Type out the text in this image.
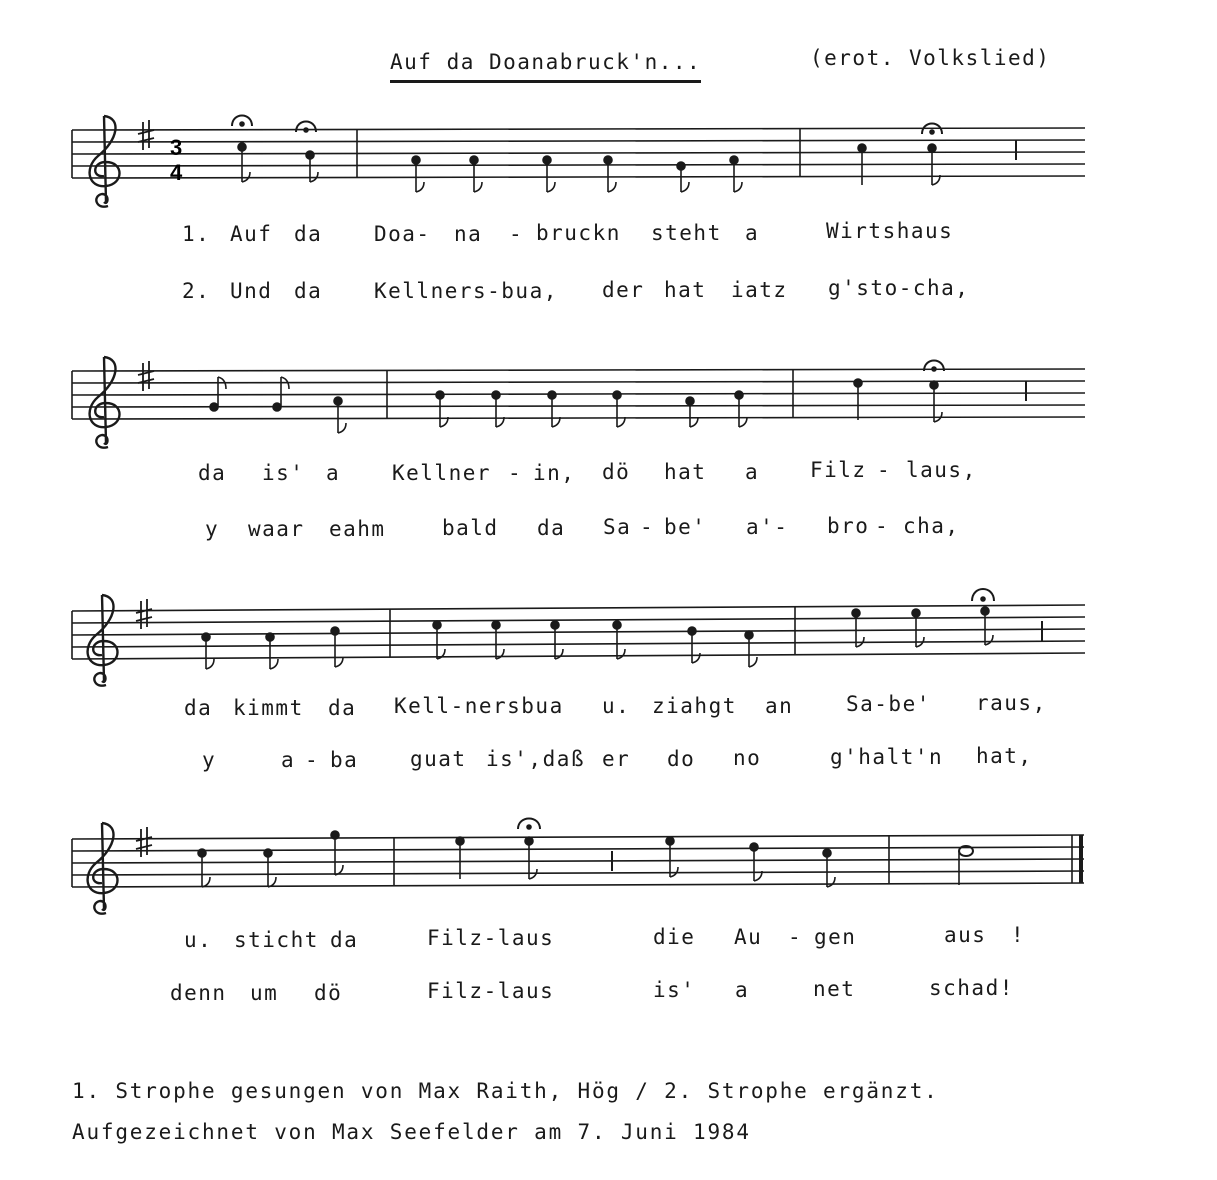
Auf da Doanabruck'n...	(erot. Volkslied)
3
4
1. Auf da Doa- na - bruckn steht a	Wirtshaus
2. Und da Kellners-bua, der hat iatz g'sto-cha,
da is' a Kellner - in, dö hat a Filz - laus,
y waar eahm	bald da Sa - be' a'- bro - cha,
da kimmt da Kell-nersbua u. ziahgt an	Sa-be' raus,
y	a - ba guat is',daß er do no	g'halt'n hat,
u. sticht da	Filz-laus	die Au - gen	aus !
denn um dö	Filz-laus	is' a	net	schad!
1. Strophe gesungen von Max Raith, Hög / 2. Strophe ergänzt.
Aufgezeichnet von Max Seefelder am 7. Juni 1984
